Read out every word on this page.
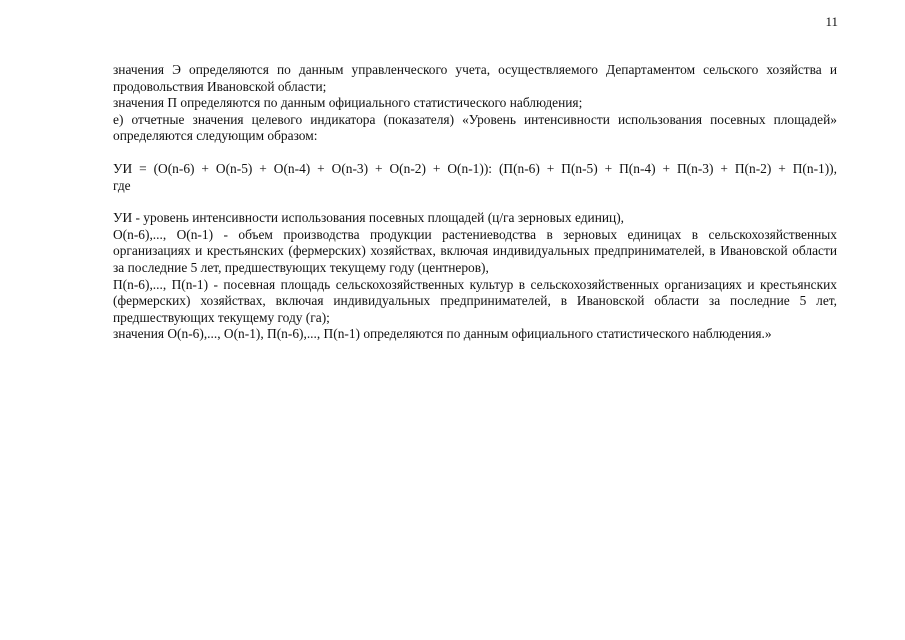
11

значения Э определяются по данным управленческого учета, осуществляемого Департаментом сельского хозяйства и продовольствия Ивановской области;

значения П определяются по данным официального статистического наблюдения;

е) отчетные значения целевого индикатора (показателя) «Уровень интенсивности использования посевных площадей» определяются следующим образом:

УИ = (О(n-6) + О(n-5) + О(n-4) + О(n-3) + О(n-2) + О(n-1)): (П(n-6) + П(n-5) + П(n-4) + П(n-3) + П(n-2) + П(n-1)),

где

УИ - уровень интенсивности использования посевных площадей (ц/га зерновых единиц),

О(n-6),..., О(n-1) - объем производства продукции растениеводства в зерновых единицах в сельскохозяйственных организациях и крестьянских (фермерских) хозяйствах, включая индивидуальных предпринимателей, в Ивановской области за последние 5 лет, предшествующих текущему году (центнеров),

П(n-6),..., П(n-1) - посевная площадь сельскохозяйственных культур в сельскохозяйственных организациях и крестьянских (фермерских) хозяйствах, включая индивидуальных предпринимателей, в Ивановской области за последние 5 лет, предшествующих текущему году (га);

значения О(n-6),..., О(n-1), П(n-6),..., П(n-1) определяются по данным официального статистического наблюдения.»
